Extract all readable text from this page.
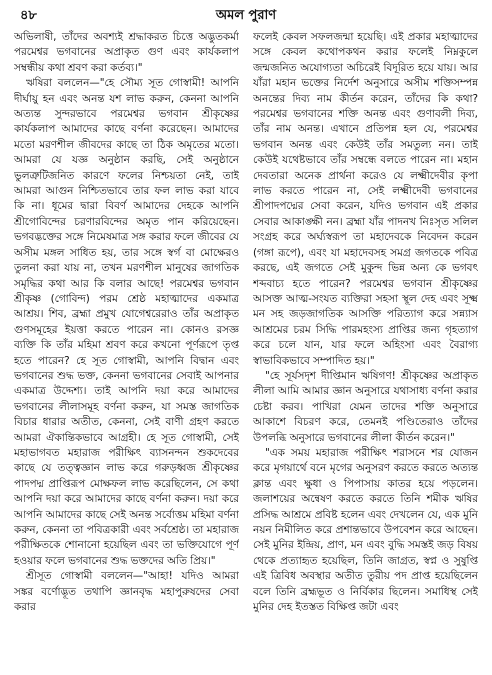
৪৮	অমল পুরাণ

অভিলাষী, তাঁদের অবশ্যই শ্রদ্ধাকরত চিত্তে অদ্ভুতকর্মা পরমেশ্বর ভগবানের অপ্রাকৃত গুণ এবং কার্যকলাপ সম্বন্ধীয় কথা শ্রবণ করা কর্তব্য।"

ঋষিরা বললেন—"হে সৌম্য সূত গোস্বামী! আপনি দীর্ঘায়ু হন এবং অনন্ত যশ লাভ করুন, কেননা আপনি অত্যন্ত সুন্দরভাবে পরমেশ্বর ভগবান শ্রীকৃষ্ণের কার্যকলাপ আমাদের কাছে বর্ণনা করেছেন। আমাদের মতো মরণশীল জীবদের কাছে তা ঠিক অমৃতের মতো। আমরা যে যজ্ঞ অনুষ্ঠান করছি, সেই অনুষ্ঠানে ভুলত্রুটিজনিত কারণে ফলের নিশ্চয়তা নেই, তাই আমরা আগুন নিশ্চিতভাবে তার ফল লাভ করা যাবে কি না। ধূমের দ্বারা বিবর্ণ আমাদের দেহকে আপনি শ্রীগোবিন্দের চরণারবিন্দের অমৃত পান করিয়েছেন। ভগবদ্ভক্তের সঙ্গে নিমেষমাত্র সঙ্গ করার ফলে জীবের যে অসীম মঙ্গল সাধিত হয়, তার সঙ্গে স্বর্গ বা মোক্ষেরও তুলনা করা যায় না, তখন মরণশীল মানুষের জাগতিক সমৃদ্ধির কথা আর কি বলার আছে! পরমেশ্বর ভগবান শ্রীকৃষ্ণ (গোবিন্দ) পরম শ্রেষ্ঠ মহাত্মাদের একমাত্র আশ্রয়। শিব, ব্রহ্মা প্রমুখ যোগেশ্বরেরাও তাঁর অপ্রাকৃত গুণসমূহের ইয়ত্তা করতে পারেন না। কোনও রসজ্ঞ ব্যক্তি কি তাঁর মহিমা শ্রবণ করে কখনো পূর্ণরূপে তৃপ্ত হতে পারেন? হে সূত গোস্বামী, আপনি বিদ্বান এবং ভগবানের শুদ্ধ ভক্ত, কেননা ভগবানের সেবাই আপনার একমাত্র উদ্দেশ্য। তাই আপনি দয়া করে আমাদের ভগবানের লীলাসমূহ বর্ণনা করুন, যা সমস্ত জাগতিক বিচার ধারার অতীত, কেননা, সেই বাণী গ্রহণ করতে আমরা ঐকান্তিকভাবে আগ্রহী। হে সূত গোস্বামী, সেই মহাভাগবত মহারাজ পরীক্ষিৎ ব্যাসনন্দন শুকদেবের কাছে যে তত্ত্বজ্ঞান লাভ করে গরুড়ধ্বজ শ্রীকৃষ্ণের পাদপদ্ম প্রাপ্তিরূপ মোক্ষফল লাভ করেছিলেন, সে কথা আপনি দয়া করে আমাদের কাছে বর্ণনা করুন। দয়া করে আপনি আমাদের কাছে সেই অনন্ত সর্বোত্তম মহিমা বর্ণনা করুন, কেননা তা পবিত্রকারী এবং সর্বশ্রেষ্ঠ। তা মহারাজ পরীক্ষিতকে শোনানো হয়েছিল এবং তা ভক্তিযোগে পূর্ণ হওয়ার ফলে ভগবানের শুদ্ধ ভক্তদের অতি প্রিয়।"

শ্রীসূত গোস্বামী বললেন—"আহা! যদিও আমরা সঙ্কর বর্ণোদ্ভূত তথাপি জ্ঞানবৃদ্ধ মহাপুরুষদের সেবা করার

ফলেই কেবল সফলজন্মা হয়েছি। এই প্রকার মহাত্মাদের সঙ্গে কেবল কথোপকথন করার ফলেই নিম্নকুলে জন্মজনিত অযোগ্যতা অচিরেই বিদূরিত হয়ে যায়। আর যাঁরা মহান ভক্তের নির্দেশ অনুসারে অসীম শক্তিসম্পন্ন অনন্তের দিব্য নাম কীর্তন করেন, তাঁদের কি কথা? পরমেশ্বর ভগবানের শক্তি অনন্ত এবং গুণাবলী দিব্য, তাঁর নাম অনন্ত। এখানে প্রতিপন্ন হল যে, পরমেশ্বর ভগবান অনন্ত এবং কেউই তাঁর সমতুল্য নন। তাই কেউই যথেষ্টভাবে তাঁর সম্বন্ধে বলতে পারেন না। মহান দেবতারা অনেক প্রার্থনা করেও যে লক্ষ্মীদেবীর কৃপা লাভ করতে পারেন না, সেই লক্ষ্মীদেবী ভগবানের শ্রীপাদপদ্মের সেবা করেন, যদিও ভগবান এই প্রকার সেবার আকাঙ্ক্ষী নন। ব্রহ্মা যাঁর পাদনখ নিঃসৃত সলিল সংগ্রহ করে অর্ঘ্যস্বরূপ তা মহাদেবকে নিবেদন করেন (গঙ্গা রূপে), এবং যা মহাদেবসহ সমগ্র জগতকে পবিত্র করছে, এই জগতে সেই মুকুন্দ ভিন্ন অন্য কে ভগবৎ শব্দবাচ্য হতে পারেন? পরমেশ্বর ভগবান শ্রীকৃষ্ণের আসক্ত আত্ম-সংযত ব্যক্তিরা সহসা স্থূল দেহ এবং সূক্ষ্ম মন সহ জড়জাগতিক আসক্তি পরিত্যাগ করে সন্ন্যাস আশ্রমের চরম সিদ্ধি পারমহংস্য প্রাপ্তির জন্য গৃহত্যাগ করে চলে যান, যার ফলে অহিংসা এবং বৈরাগ্য স্বাভাবিকভাবে সম্পাদিত হয়।"

"হে সূর্যসদৃশ দীপ্তিমান ঋষিগণ! শ্রীকৃষ্ণের অপ্রাকৃত লীলা আমি আমার জ্ঞান অনুসারে যথাসাধ্য বর্ণনা করার চেষ্টা করব। পাখিরা যেমন তাদের শক্তি অনুসারে আকাশে বিচরণ করে, তেমনই পণ্ডিতেরাও তাঁদের উপলব্ধি অনুসারে ভগবানের লীলা কীর্তন করেন।"

"এক সময় মহারাজ পরীক্ষিৎ শরাসনে শর যোজন করে মৃগয়ার্থে বনে মৃগের অনুসরণ করতে করতে অত্যন্ত ক্লান্ত এবং ক্ষুধা ও পিপাসায় কাতর হয়ে পড়লেন। জলাশয়ের অন্বেষণ করতে করতে তিনি শমীক ঋষির প্রসিদ্ধ আশ্রমে প্রবিষ্ট হলেন এবং দেখলেন যে, এক মুনি নয়ন নিমীলিত করে প্রশান্তভাবে উপবেশন করে আছেন। সেই মুনির ইন্দ্রিয়, প্রাণ, মন এবং বুদ্ধি সমস্তই জড় বিষয় থেকে প্রত্যাহৃত হয়েছিল, তিনি জাগ্রত, স্বপ্ন ও সুষুপ্তি এই ত্রিবিধ অবস্থার অতীত তুরীয় পদ প্রাপ্ত হয়েছিলেন বলে তিনি ব্রহ্মভূত ও নির্বিকার ছিলেন। সমাধিস্থ সেই মুনির দেহ ইতস্তত বিক্ষিপ্ত জটা এবং
